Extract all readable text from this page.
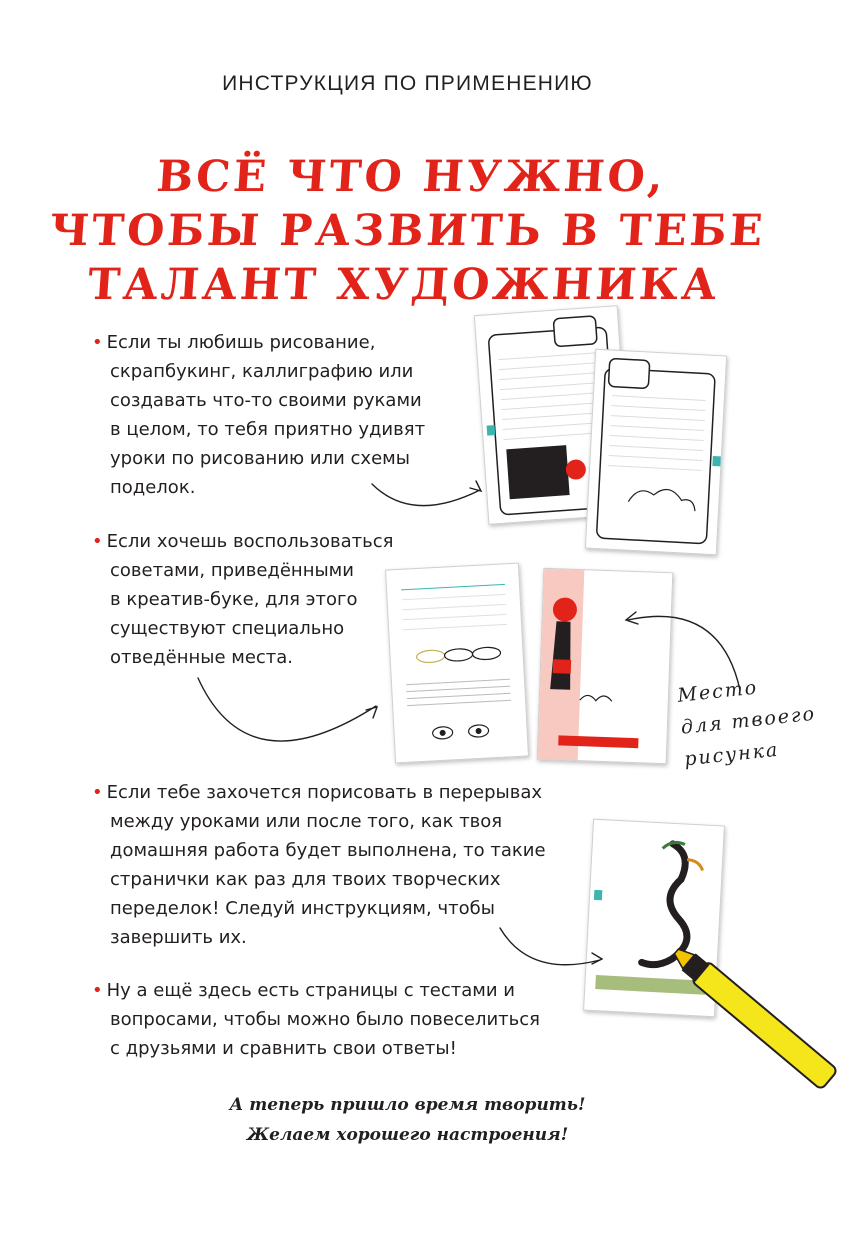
ИНСТРУКЦИЯ ПО ПРИМЕНЕНИЮ
ВСЁ ЧТО НУЖНО,
ЧТОБЫ РАЗВИТЬ В ТЕБЕ
ТАЛАНТ ХУДОЖНИКА
• Если ты любишь рисование,
скрапбукинг, каллиграфию или
создавать что-то своими руками
в целом, то тебя приятно удивят
уроки по рисованию или схемы
поделок.
• Если хочешь воспользоваться
советами, приведёнными
в креатив-буке, для этого
существуют специально
отведённые места.
• Если тебе захочется порисовать в перерывах
между уроками или после того, как твоя
домашняя работа будет выполнена, то такие
странички как раз для твоих творческих
переделок! Следуй инструкциям, чтобы
завершить их.
• Ну а ещё здесь есть страницы с тестами и
вопросами, чтобы можно было повеселиться
с друзьями и сравнить свои ответы!
Место
для твоего
рисунка
А теперь пришло время творить!
Желаем хорошего настроения!
